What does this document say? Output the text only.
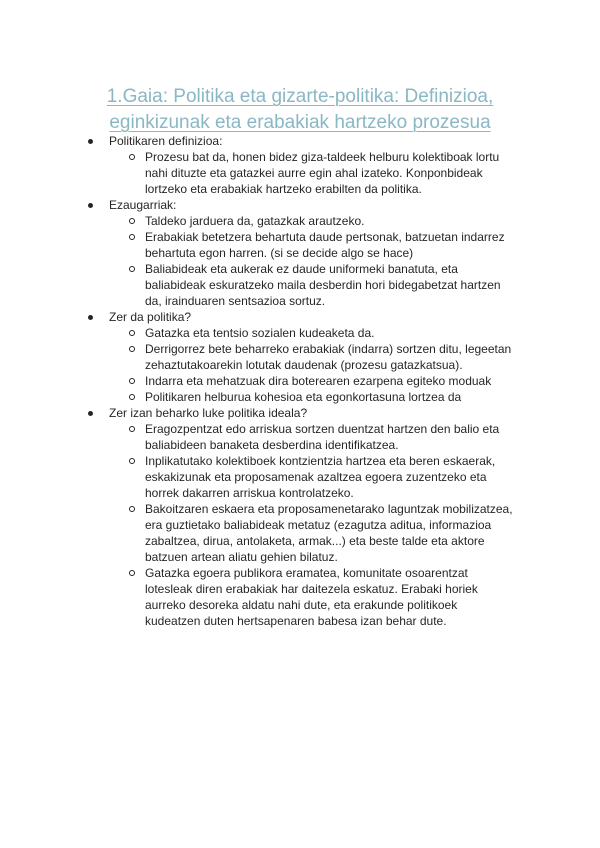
1.Gaia: Politika eta gizarte-politika: Definizioa,
eginkizunak eta erabakiak hartzeko prozesua
Politikaren definizioa:
Prozesu bat da, honen bidez giza-taldeek helburu kolektiboak lortu nahi dituzte eta gatazkei aurre egin ahal izateko. Konponbideak lortzeko eta erabakiak hartzeko erabilten da politika.
Ezaugarriak:
Taldeko jarduera da, gatazkak arautzeko.
Erabakiak betetzera behartuta daude pertsonak, batzuetan indarrez behartuta egon harren. (si se decide algo se hace)
Baliabideak eta aukerak ez daude uniformeki banatuta, eta baliabideak eskuratzeko maila desberdin hori bidegabetzat hartzen da, irainduaren sentsazioa sortuz.
Zer da politika?
Gatazka eta tentsio sozialen kudeaketa da.
Derrigorrez bete beharreko erabakiak (indarra) sortzen ditu, legeetan zehaztutakoarekin lotutak daudenak (prozesu gatazkatsua).
Indarra eta mehatzuak dira boterearen ezarpena egiteko moduak
Politikaren helburua kohesioa eta egonkortasuna lortzea da
Zer izan beharko luke politika ideala?
Eragozpentzat edo arriskua sortzen duentzat hartzen den balio eta baliabideen banaketa desberdina identifikatzea.
Inplikatutako kolektiboek kontzientzia hartzea eta beren eskaerak, eskakizunak eta proposamenak azaltzea egoera zuzentzeko eta horrek dakarren arriskua kontrolatzeko.
Bakoitzaren eskaera eta proposamenetarako laguntzak mobilizatzea, era guztietako baliabideak metatuz (ezagutza aditua, informazioa zabaltzea, dirua, antolaketa, armak...) eta beste talde eta aktore batzuen artean aliatu gehien bilatuz.
Gatazka egoera publikora eramatea, komunitate osoarentzat lotesleak diren erabakiak har daitezela eskatuz. Erabaki horiek aurreko desoreka aldatu nahi dute, eta erakunde politikoek kudeatzen duten hertsapenaren babesa izan behar dute.
